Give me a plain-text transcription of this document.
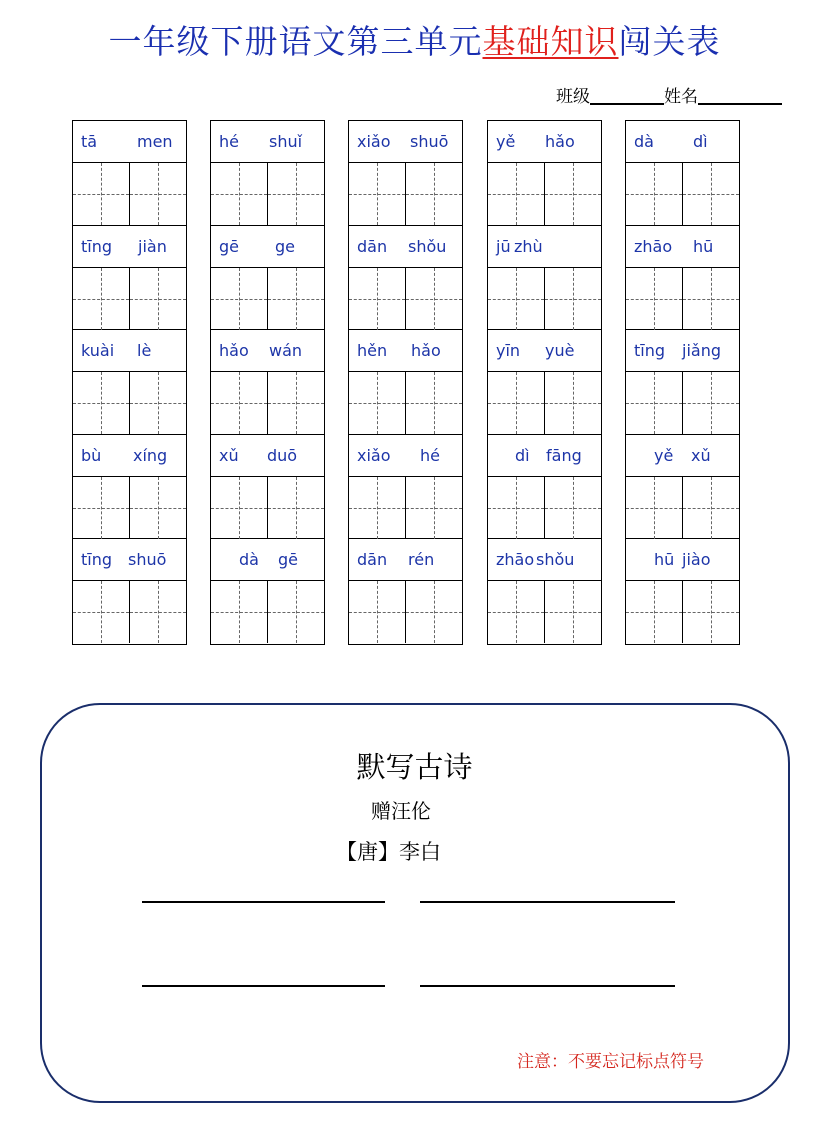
一年级下册语文第三单元基础知识闯关表
班级	姓名
tā men
tīng jiàn
kuài lè
bù xíng
tīng shuō
hé shuǐ
gē ge
hǎo wán
xǔ duō
dà gē
xiǎo shuō
dān shǒu
hěn hǎo
xiǎo hé
dān rén
yě hǎo
jū zhù
yīn yuè
dì fāng
zhāo shǒu
dà dì
zhāo hū
tīng jiǎng
yě xǔ
hū jiào
默写古诗
赠汪伦
【唐】李白
注意：不要忘记标点符号
